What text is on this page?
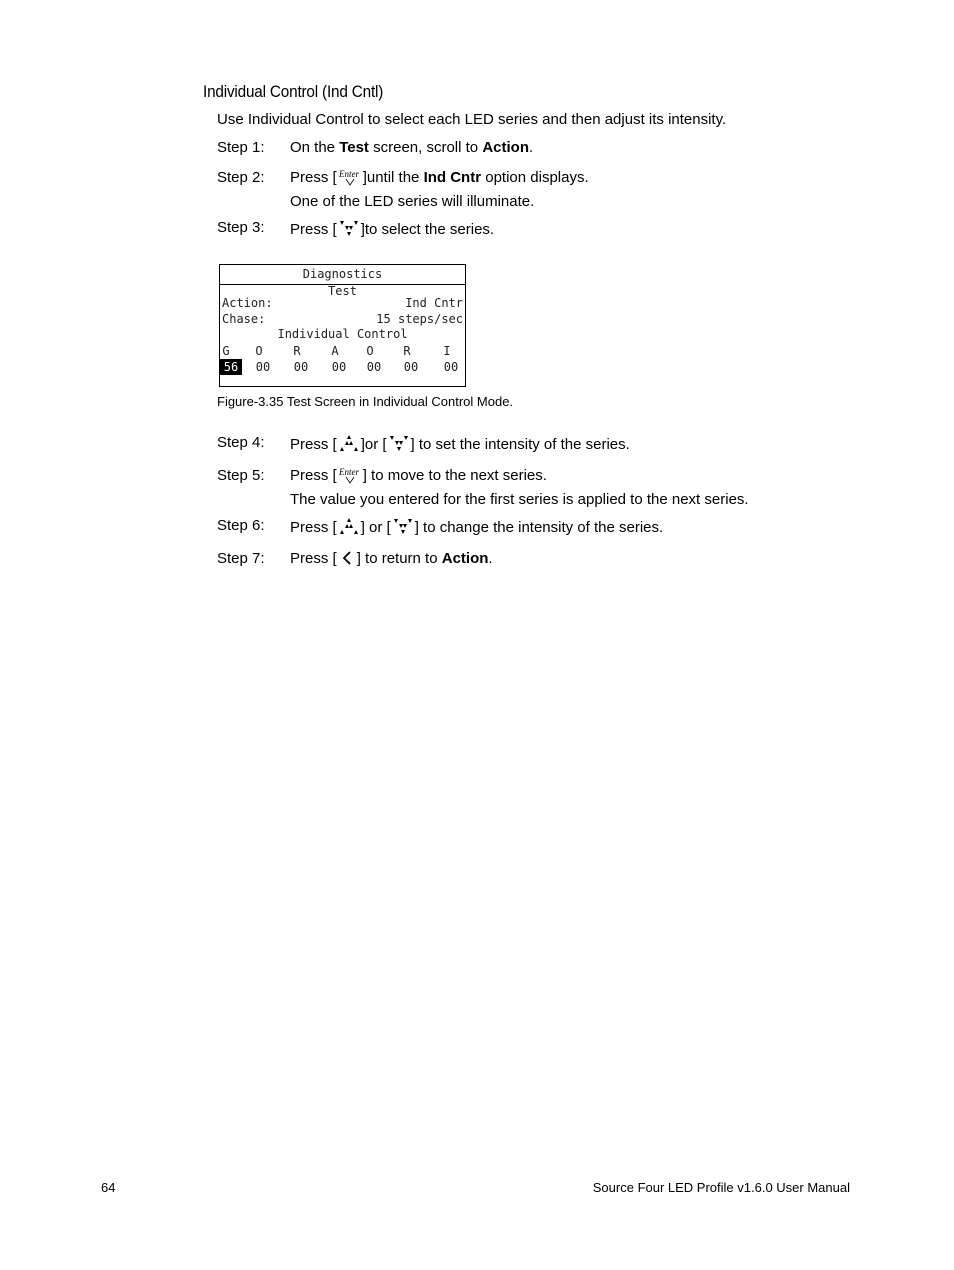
Individual Control (Ind Cntl)
Use Individual Control to select each LED series and then adjust its intensity.
Step 1: On the Test screen, scroll to Action.
Step 2: Press [ Enter ]until the Ind Cntr option displays.
One of the LED series will illuminate.
Step 3: Press [ ]to select the series.
Diagnostics
Test
Action:	Ind Cntr
Chase:	15 steps/sec
Individual Control
G	O	R	A	O	R	I
56	00	00	00	00	00	00
Figure-3.35 Test Screen in Individual Control Mode.
Step 4: Press [ ]or [ ] to set the intensity of the series.
Step 5: Press [ Enter ] to move to the next series.
The value you entered for the first series is applied to the next series.
Step 6: Press [ ] or [ ] to change the intensity of the series.
Step 7: Press [ ] to return to Action.
64	Source Four LED Profile v1.6.0 User Manual
